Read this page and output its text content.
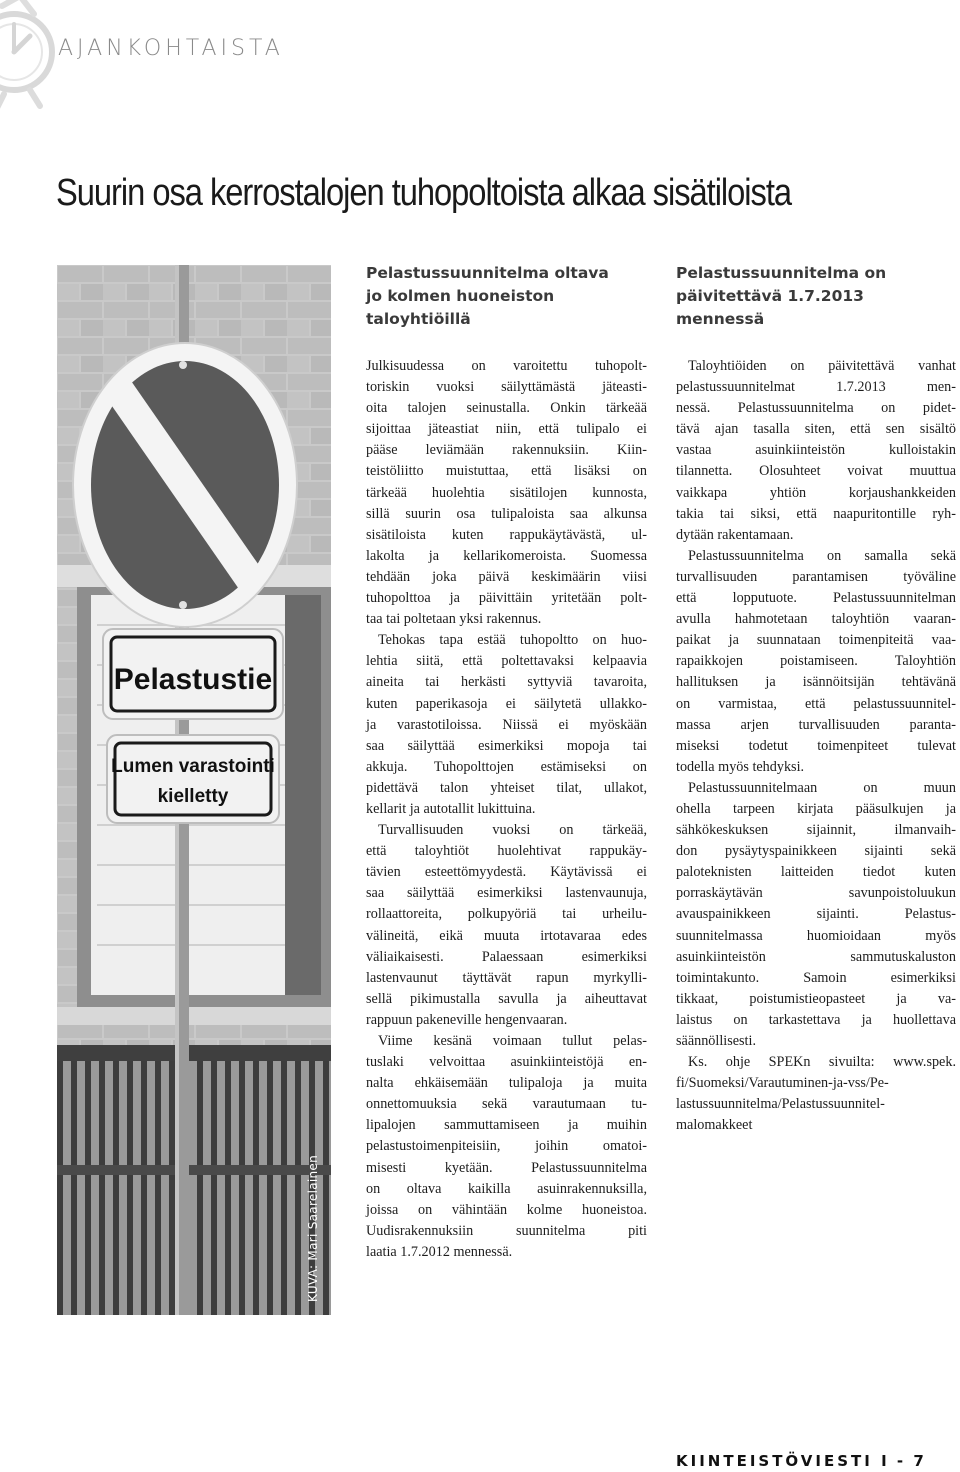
AJANKOHTAISTA
Suurin osa kerrostalojen tuhopoltoista alkaa sisätiloista
Pelastustie
Lumen varastointi
kielletty
KUVA: Mari Saarelainen
Pelastussuunnitelma oltava
jo kolmen huoneiston
taloyhtiöillä
Julkisuudessa on varoitettu tuhopolt-
toriskin vuoksi säilyttämästä jäteasti-
oita talojen seinustalla. Onkin tärkeää
sijoittaa jäteastiat niin, että tulipalo ei
pääse leviämään rakennuksiin. Kiin-
teistöliitto muistuttaa, että lisäksi on
tärkeää huolehtia sisätilojen kunnosta,
sillä suurin osa tulipaloista saa alkunsa
sisätiloista kuten rappukäytävästä, ul-
lakolta ja kellarikomeroista. Suomessa
tehdään joka päivä keskimäärin viisi
tuhopolttoa ja päivittäin yritetään polt-
taa tai poltetaan yksi rakennus.
Tehokas tapa estää tuhopoltto on huo-
lehtia siitä, että poltettavaksi kelpaavia
aineita tai herkästi syttyviä tavaroita,
kuten paperikasoja ei säilytetä ullakko-
ja varastotiloissa. Niissä ei myöskään
saa säilyttää esimerkiksi mopoja tai
akkuja. Tuhopolttojen estämiseksi on
pidettävä talon yhteiset tilat, ullakot,
kellarit ja autotallit lukittuina.
Turvallisuuden vuoksi on tärkeää,
että taloyhtiöt huolehtivat rappukäy-
tävien esteettömyydestä. Käytävissä ei
saa säilyttää esimerkiksi lastenvaunuja,
rollaattoreita, polkupyöriä tai urheilu-
välineitä, eikä muuta irtotavaraa edes
väliaikaisesti. Palaessaan esimerkiksi
lastenvaunut täyttävät rapun myrkylli-
sellä pikimustalla savulla ja aiheuttavat
rappuun pakeneville hengenvaaran.
Viime kesänä voimaan tullut pelas-
tuslaki velvoittaa asuinkiinteistöjä en-
nalta ehkäisemään tulipaloja ja muita
onnettomuuksia sekä varautumaan tu-
lipalojen sammuttamiseen ja muihin
pelastustoimenpiteisiin, joihin omatoi-
misesti kyetään. Pelastussuunnitelma
on oltava kaikilla asuinrakennuksilla,
joissa on vähintään kolme huoneistoa.
Uudisrakennuksiin suunnitelma piti
laatia 1.7.2012 mennessä.
Pelastussuunnitelma on
päivitettävä 1.7.2013
mennessä
Taloyhtiöiden on päivitettävä vanhat
pelastussuunnitelmat 1.7.2013 men-
nessä. Pelastussuunnitelma on pidet-
tävä ajan tasalla siten, että sen sisältö
vastaa asuinkiinteistön kulloistakin
tilannetta. Olosuhteet voivat muuttua
vaikkapa yhtiön korjaushankkeiden
takia tai siksi, että naapuritontille ryh-
dytään rakentamaan.
Pelastussuunnitelma on samalla sekä
turvallisuuden parantamisen työväline
että lopputuote. Pelastussuunnitelman
avulla hahmotetaan taloyhtiön vaaran-
paikat ja suunnataan toimenpiteitä vaa-
rapaikkojen poistamiseen. Taloyhtiön
hallituksen ja isännöitsijän tehtävänä
on varmistaa, että pelastussuunnitel-
massa arjen turvallisuuden paranta-
miseksi todetut toimenpiteet tulevat
todella myös tehdyksi.
Pelastussuunnitelmaan on muun
ohella tarpeen kirjata pääsulkujen ja
sähkökeskuksen sijainnit, ilmanvaih-
don pysäytyspainikkeen sijainti sekä
paloteknisten laitteiden tiedot kuten
porraskäytävän savunpoistoluukun
avauspainikkeen sijainti. Pelastus-
suunnitelmassa huomioidaan myös
asuinkiinteistön sammutuskaluston
toimintakunto. Samoin esimerkiksi
tikkaat, poistumistieopasteet ja va-
laistus on tarkastettava ja huollettava
säännöllisesti.
Ks. ohje SPEKn sivuilta: www.spek.
fi/Suomeksi/Varautuminen-ja-vss/Pe-
lastussuunnitelma/Pelastussuunnitel-
malomakkeet
KIINTEISTÖVIESTI I - 7
